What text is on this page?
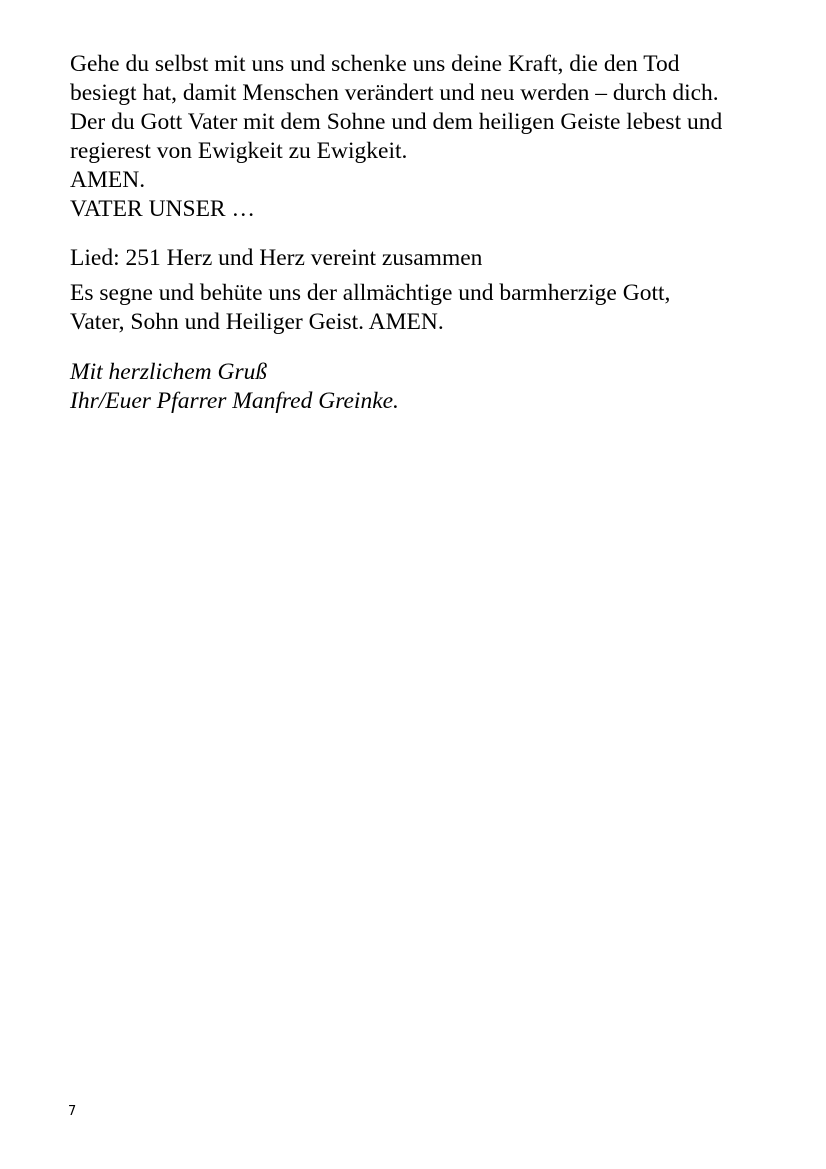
Gehe du selbst mit uns und schenke uns deine Kraft, die den Tod
besiegt hat, damit Menschen verändert und neu werden – durch dich.
Der du Gott Vater mit dem Sohne und dem heiligen Geiste lebest und
regierest von Ewigkeit zu Ewigkeit.
AMEN.
VATER UNSER …
Lied: 251 Herz und Herz vereint zusammen
Es segne und behüte uns der allmächtige und barmherzige Gott,
Vater, Sohn und Heiliger Geist. AMEN.
Mit herzlichem Gruß
Ihr/Euer Pfarrer Manfred Greinke.
7
